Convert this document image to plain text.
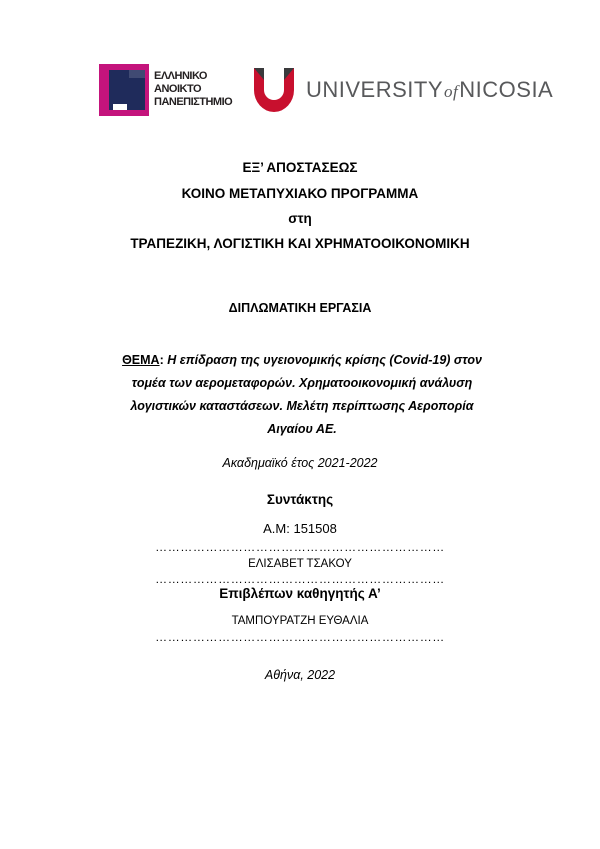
ΕΛΛΗΝΙΚΟ
ΑΝΟΙΚΤΟ
ΠΑΝΕΠΙΣΤΗΜΙΟ	UNIVERSITYofNICOSIA
ΕΞ’ ΑΠΟΣΤΑΣΕΩΣ
ΚΟΙΝΟ ΜΕΤΑΠΥΧΙΑΚΟ ΠΡΟΓΡΑΜΜΑ
στη
ΤΡΑΠΕΖΙΚΗ, ΛΟΓΙΣΤΙΚΗ ΚΑΙ ΧΡΗΜΑΤΟΟΙΚΟΝΟΜΙΚΗ
ΔΙΠΛΩΜΑΤΙΚΗ ΕΡΓΑΣΙΑ
ΘΕΜΑ: Η επίδραση της υγειονομικής κρίσης (Covid-19) στον τομέα των αερομεταφορών. Χρηματοοικονομική ανάλυση λογιστικών καταστάσεων. Μελέτη περίπτωσης Αεροπορία Αιγαίου ΑΕ.
Ακαδημαϊκό έτος 2021-2022
Συντάκτης
Α.Μ: 151508
……………………………………………………………
ΕΛΙΣΑΒΕΤ ΤΣΑΚΟΥ
……………………………………………………………
Επιβλέπων καθηγητής Α’
ΤΑΜΠΟΥΡΑΤΖΗ ΕΥΘΑΛΙΑ
……………………………………………………………
Αθήνα, 2022
